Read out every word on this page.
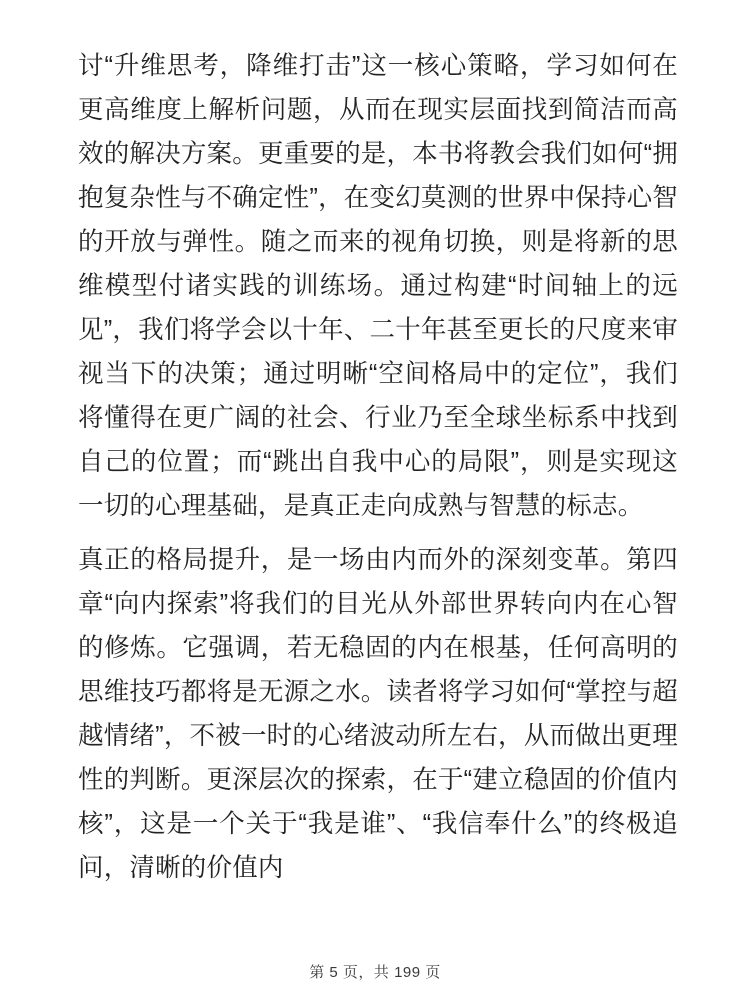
讨“升维思考，降维打击”这一核心策略，学习如何在更高维度上解析问题，从而在现实层面找到简洁而高效的解决方案。更重要的是，本书将教会我们如何“拥抱复杂性与不确定性”，在变幻莫测的世界中保持心智的开放与弹性。随之而来的视角切换，则是将新的思维模型付诸实践的训练场。通过构建“时间轴上的远见”，我们将学会以十年、二十年甚至更长的尺度来审视当下的决策；通过明晰“空间格局中的定位”，我们将懂得在更广阔的社会、行业乃至全球坐标系中找到自己的位置；而“跳出自我中心的局限”，则是实现这一切的心理基础，是真正走向成熟与智慧的标志。

真正的格局提升，是一场由内而外的深刻变革。第四章“向内探索”将我们的目光从外部世界转向内在心智的修炼。它强调，若无稳固的内在根基，任何高明的思维技巧都将是无源之水。读者将学习如何“掌控与超越情绪”，不被一时的心绪波动所左右，从而做出更理性的判断。更深层次的探索，在于“建立稳固的价值内核”，这是一个关于“我是谁”、“我信奉什么”的终极追问，清晰的价值内

第 5 页，共 199 页
